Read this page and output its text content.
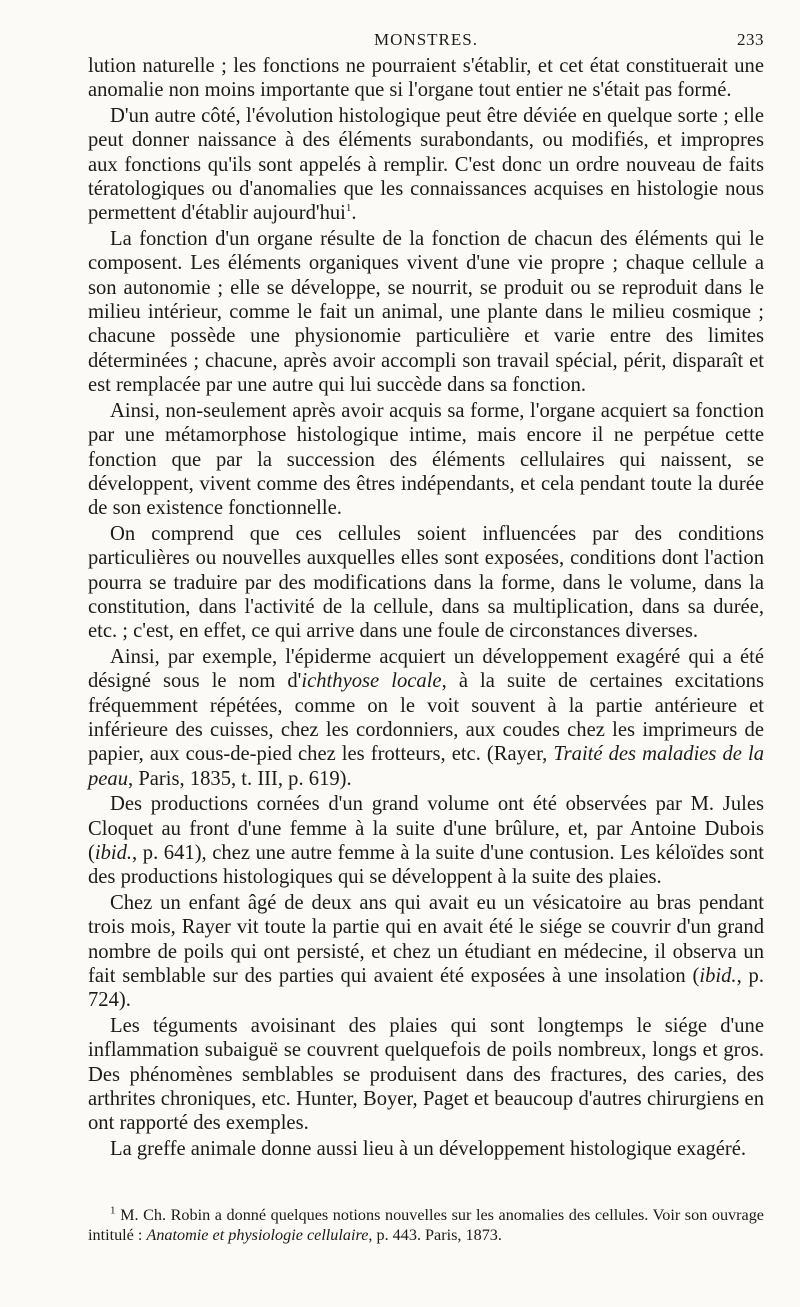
MONSTRES.	233

lution naturelle ; les fonctions ne pourraient s'établir, et cet état constituerait une anomalie non moins importante que si l'organe tout entier ne s'était pas formé.

D'un autre côté, l'évolution histologique peut être déviée en quelque sorte ; elle peut donner naissance à des éléments surabondants, ou modifiés, et impropres aux fonctions qu'ils sont appelés à remplir. C'est donc un ordre nouveau de faits tératologiques ou d'anomalies que les connaissances acquises en histologie nous permettent d'établir aujourd'hui$^1$.

La fonction d'un organe résulte de la fonction de chacun des éléments qui le composent. Les éléments organiques vivent d'une vie propre ; chaque cellule a son autonomie ; elle se développe, se nourrit, se produit ou se reproduit dans le milieu intérieur, comme le fait un animal, une plante dans le milieu cosmique ; chacune possède une physionomie particulière et varie entre des limites déterminées ; chacune, après avoir accompli son travail spécial, périt, disparaît et est remplacée par une autre qui lui succède dans sa fonction.

Ainsi, non-seulement après avoir acquis sa forme, l'organe acquiert sa fonction par une métamorphose histologique intime, mais encore il ne perpétue cette fonction que par la succession des éléments cellulaires qui naissent, se développent, vivent comme des êtres indépendants, et cela pendant toute la durée de son existence fonctionnelle.

On comprend que ces cellules soient influencées par des conditions particulières ou nouvelles auxquelles elles sont exposées, conditions dont l'action pourra se traduire par des modifications dans la forme, dans le volume, dans la constitution, dans l'activité de la cellule, dans sa multiplication, dans sa durée, etc. ; c'est, en effet, ce qui arrive dans une foule de circonstances diverses.

Ainsi, par exemple, l'épiderme acquiert un développement exagéré qui a été désigné sous le nom d'ichthyose locale, à la suite de certaines excitations fréquemment répétées, comme on le voit souvent à la partie antérieure et inférieure des cuisses, chez les cordonniers, aux coudes chez les imprimeurs de papier, aux cous-de-pied chez les frotteurs, etc. (Rayer, Traité des maladies de la peau, Paris, 1835, t. III, p. 619).

Des productions cornées d'un grand volume ont été observées par M. Jules Cloquet au front d'une femme à la suite d'une brûlure, et, par Antoine Dubois (ibid., p. 641), chez une autre femme à la suite d'une contusion. Les kéloïdes sont des productions histologiques qui se développent à la suite des plaies.

Chez un enfant âgé de deux ans qui avait eu un vésicatoire au bras pendant trois mois, Rayer vit toute la partie qui en avait été le siége se couvrir d'un grand nombre de poils qui ont persisté, et chez un étudiant en médecine, il observa un fait semblable sur des parties qui avaient été exposées à une insolation (ibid., p. 724).

Les téguments avoisinant des plaies qui sont longtemps le siége d'une inflammation subaiguë se couvrent quelquefois de poils nombreux, longs et gros. Des phénomènes semblables se produisent dans des fractures, des caries, des arthrites chroniques, etc. Hunter, Boyer, Paget et beaucoup d'autres chirurgiens en ont rapporté des exemples.

La greffe animale donne aussi lieu à un développement histologique exagéré.

$^1$ M. Ch. Robin a donné quelques notions nouvelles sur les anomalies des cellules. Voir son ouvrage intitulé : Anatomie et physiologie cellulaire, p. 443. Paris, 1873.
